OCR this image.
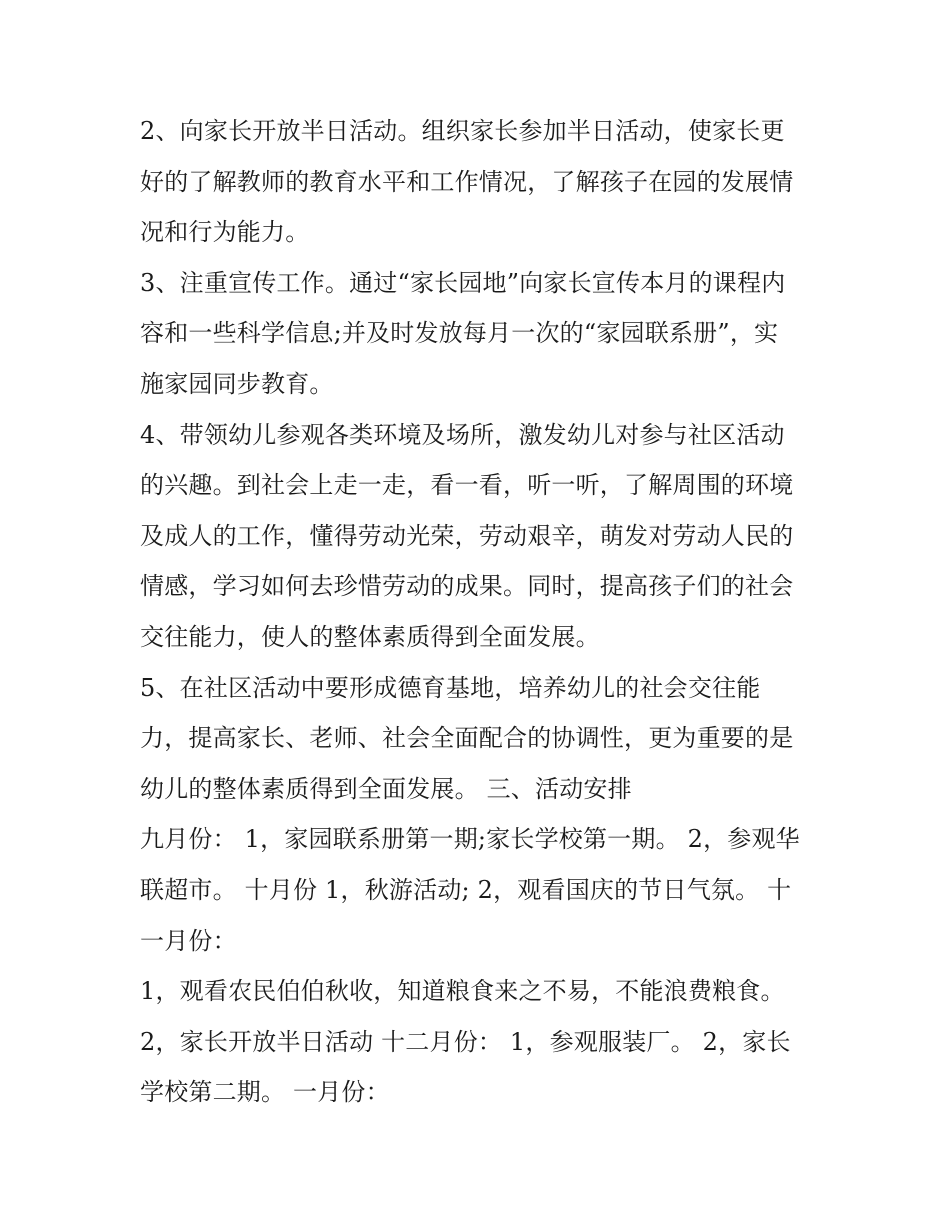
2、向家长开放半日活动。组织家长参加半日活动，使家长更
好的了解教师的教育水平和工作情况，了解孩子在园的发展情
况和行为能力。
3、注重宣传工作。通过“家长园地”向家长宣传本月的课程内
容和一些科学信息;并及时发放每月一次的“家园联系册”，实
施家园同步教育。
4、带领幼儿参观各类环境及场所，激发幼儿对参与社区活动
的兴趣。到社会上走一走，看一看，听一听，了解周围的环境
及成人的工作，懂得劳动光荣，劳动艰辛，萌发对劳动人民的
情感，学习如何去珍惜劳动的成果。同时，提高孩子们的社会
交往能力，使人的整体素质得到全面发展。
5、在社区活动中要形成德育基地，培养幼儿的社会交往能
力，提高家长、老师、社会全面配合的协调性，更为重要的是
幼儿的整体素质得到全面发展。 三、活动安排
九月份： 1，家园联系册第一期;家长学校第一期。 2，参观华
联超市。 十月份 1，秋游活动; 2，观看国庆的节日气氛。 十
一月份：
1，观看农民伯伯秋收，知道粮食来之不易，不能浪费粮食。
2，家长开放半日活动 十二月份： 1，参观服装厂。 2，家长
学校第二期。 一月份：
